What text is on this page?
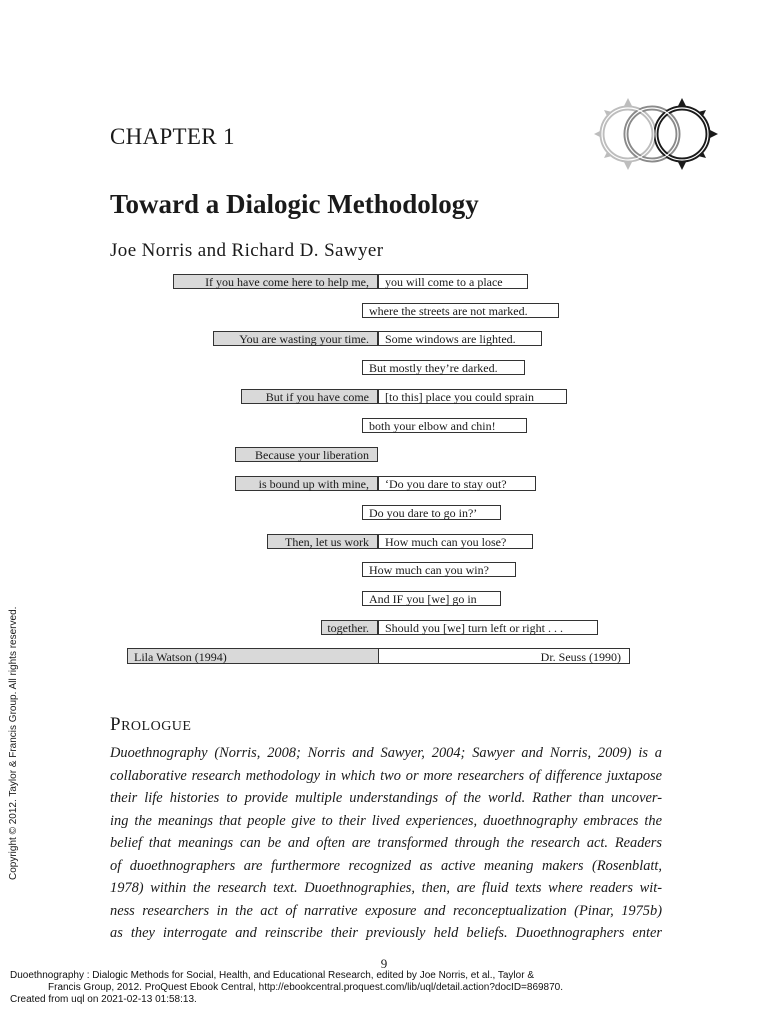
CHAPTER 1
Toward a Dialogic Methodology
Joe Norris and Richard D. Sawyer
If you have come here to help me,	you will come to a place
where the streets are not marked.
You are wasting your time.	Some windows are lighted.
But mostly they’re darked.
But if you have come	[to this] place you could sprain
both your elbow and chin!
Because your liberation
is bound up with mine,	‘Do you dare to stay out?
Do you dare to go in?’
Then, let us work	How much can you lose?
How much can you win?
And IF you [we] go in
together.	Should you [we] turn left or right . . .
Lila Watson (1994)	Dr. Seuss (1990)
PROLOGUE
Duoethnography (Norris, 2008; Norris and Sawyer, 2004; Sawyer and Norris, 2009) is a
collaborative research methodology in which two or more researchers of difference juxtapose
their life histories to provide multiple understandings of the world. Rather than uncover-
ing the meanings that people give to their lived experiences, duoethnography embraces the
belief that meanings can be and often are transformed through the research act. Readers
of duoethnographers are furthermore recognized as active meaning makers (Rosenblatt,
1978) within the research text. Duoethnographies, then, are fluid texts where readers wit-
ness researchers in the act of narrative exposure and reconceptualization (Pinar, 1975b)
as they interrogate and reinscribe their previously held beliefs. Duoethnographers enter
9
Copyright © 2012. Taylor & Francis Group. All rights reserved.
Duoethnography : Dialogic Methods for Social, Health, and Educational Research, edited by Joe Norris, et al., Taylor &
Francis Group, 2012. ProQuest Ebook Central, http://ebookcentral.proquest.com/lib/uql/detail.action?docID=869870.
Created from uql on 2021-02-13 01:58:13.
